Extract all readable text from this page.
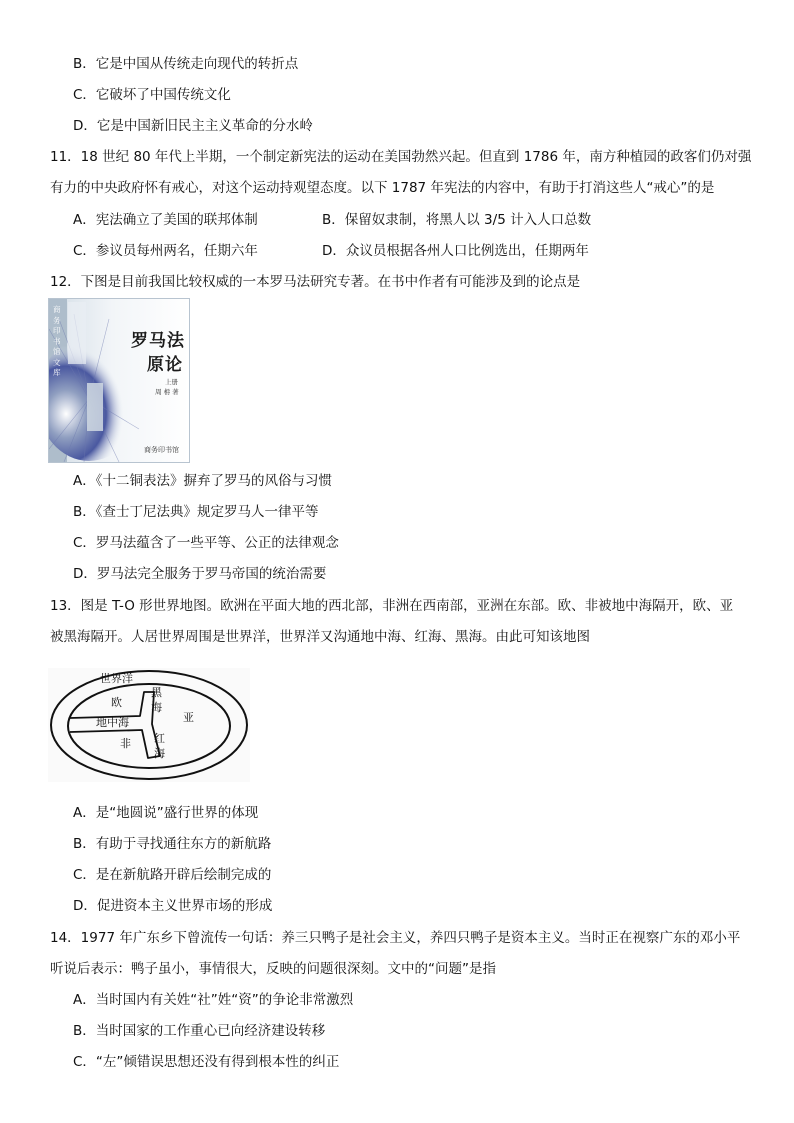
B．它是中国从传统走向现代的转折点
C．它破坏了中国传统文化
D．它是中国新旧民主主义革命的分水岭
11．18 世纪 80 年代上半期，一个制定新宪法的运动在美国勃然兴起。但直到 1786 年，南方种植园的政客们仍对强
有力的中央政府怀有戒心，对这个运动持观望态度。以下 1787 年宪法的内容中，有助于打消这些人“戒心”的是
A．宪法确立了美国的联邦体制	B．保留奴隶制，将黑人以 3/5 计入人口总数
C．参议员每州两名，任期六年	D．众议员根据各州人口比例选出，任期两年
12．下图是目前我国比较权威的一本罗马法研究专著。在书中作者有可能涉及到的论点是
商务印书馆文库
罗马法
原论
上册
周 枏 著
商务印书馆
A．《十二铜表法》摒弃了罗马的风俗与习惯
B．《查士丁尼法典》规定罗马人一律平等
C．罗马法蕴含了一些平等、公正的法律观念
D．罗马法完全服务于罗马帝国的统治需要
13．图是 T-O 形世界地图。欧洲在平面大地的西北部，非洲在西南部，亚洲在东部。欧、非被地中海隔开，欧、亚
被黑海隔开。人居世界周围是世界洋，世界洋又沟通地中海、红海、黑海。由此可知该地图
世界洋
欧
黑
海
亚
地中海
非 红
海
A．是“地圆说”盛行世界的体现
B．有助于寻找通往东方的新航路
C．是在新航路开辟后绘制完成的
D．促进资本主义世界市场的形成
14．1977 年广东乡下曾流传一句话：养三只鸭子是社会主义，养四只鸭子是资本主义。当时正在视察广东的邓小平
听说后表示：鸭子虽小，事情很大，反映的问题很深刻。文中的“问题”是指
A．当时国内有关姓“社”姓“资”的争论非常激烈
B．当时国家的工作重心已向经济建设转移
C．“左”倾错误思想还没有得到根本性的纠正
